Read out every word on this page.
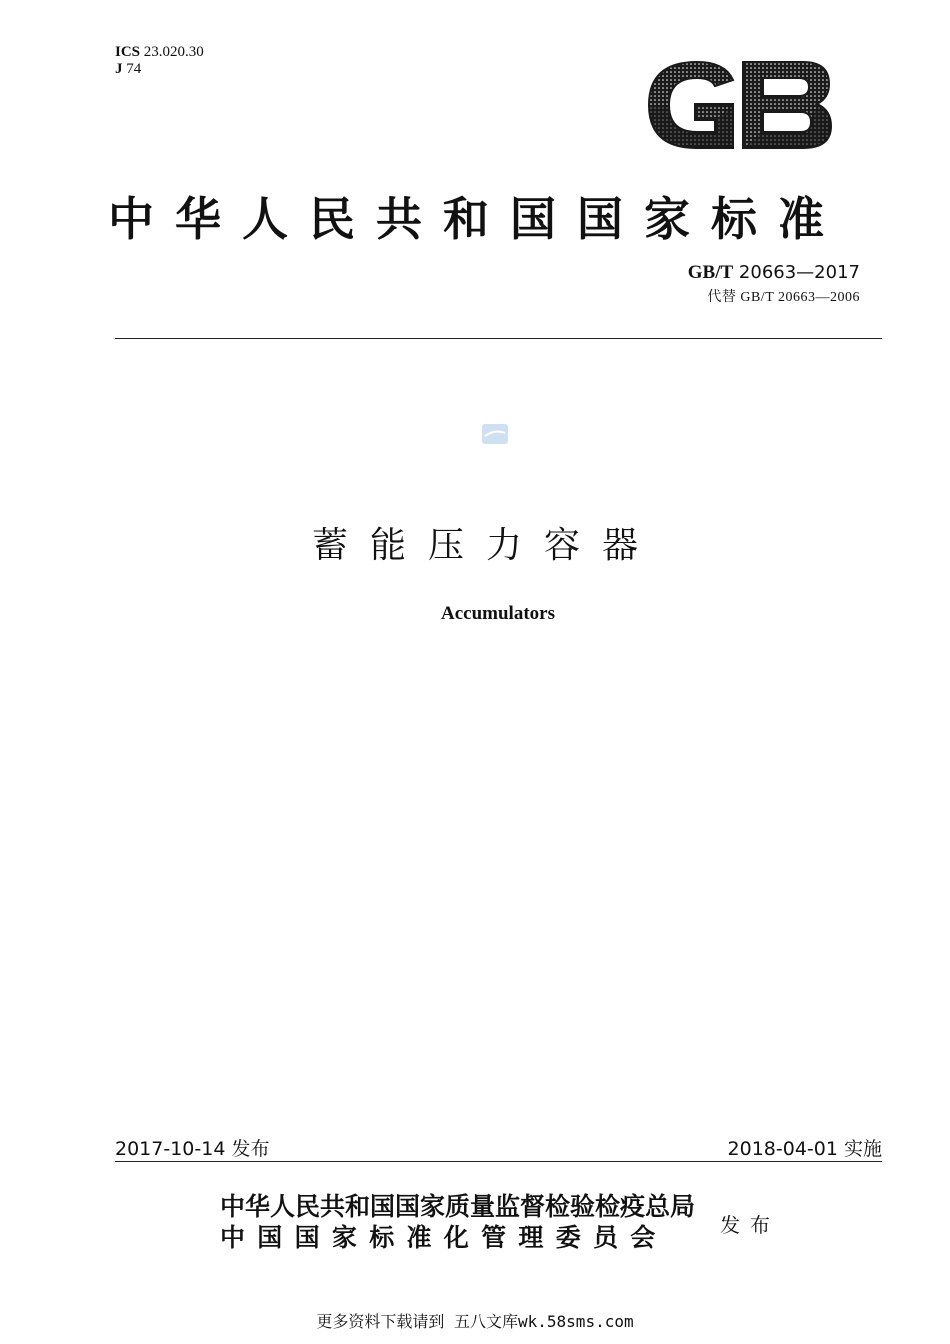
ICS 23.020.30
J 74
中华人民共和国国家标准
GB/T 20663—2017
代替 GB/T 20663—2006
蓄能压力容器
Accumulators
2017-10-14 发布	2018-04-01 实施
中华人民共和国国家质量监督检验检疫总局
中国国家标准化管理委员会	发布
更多资料下载请到 五八文库wk.58sms.com
